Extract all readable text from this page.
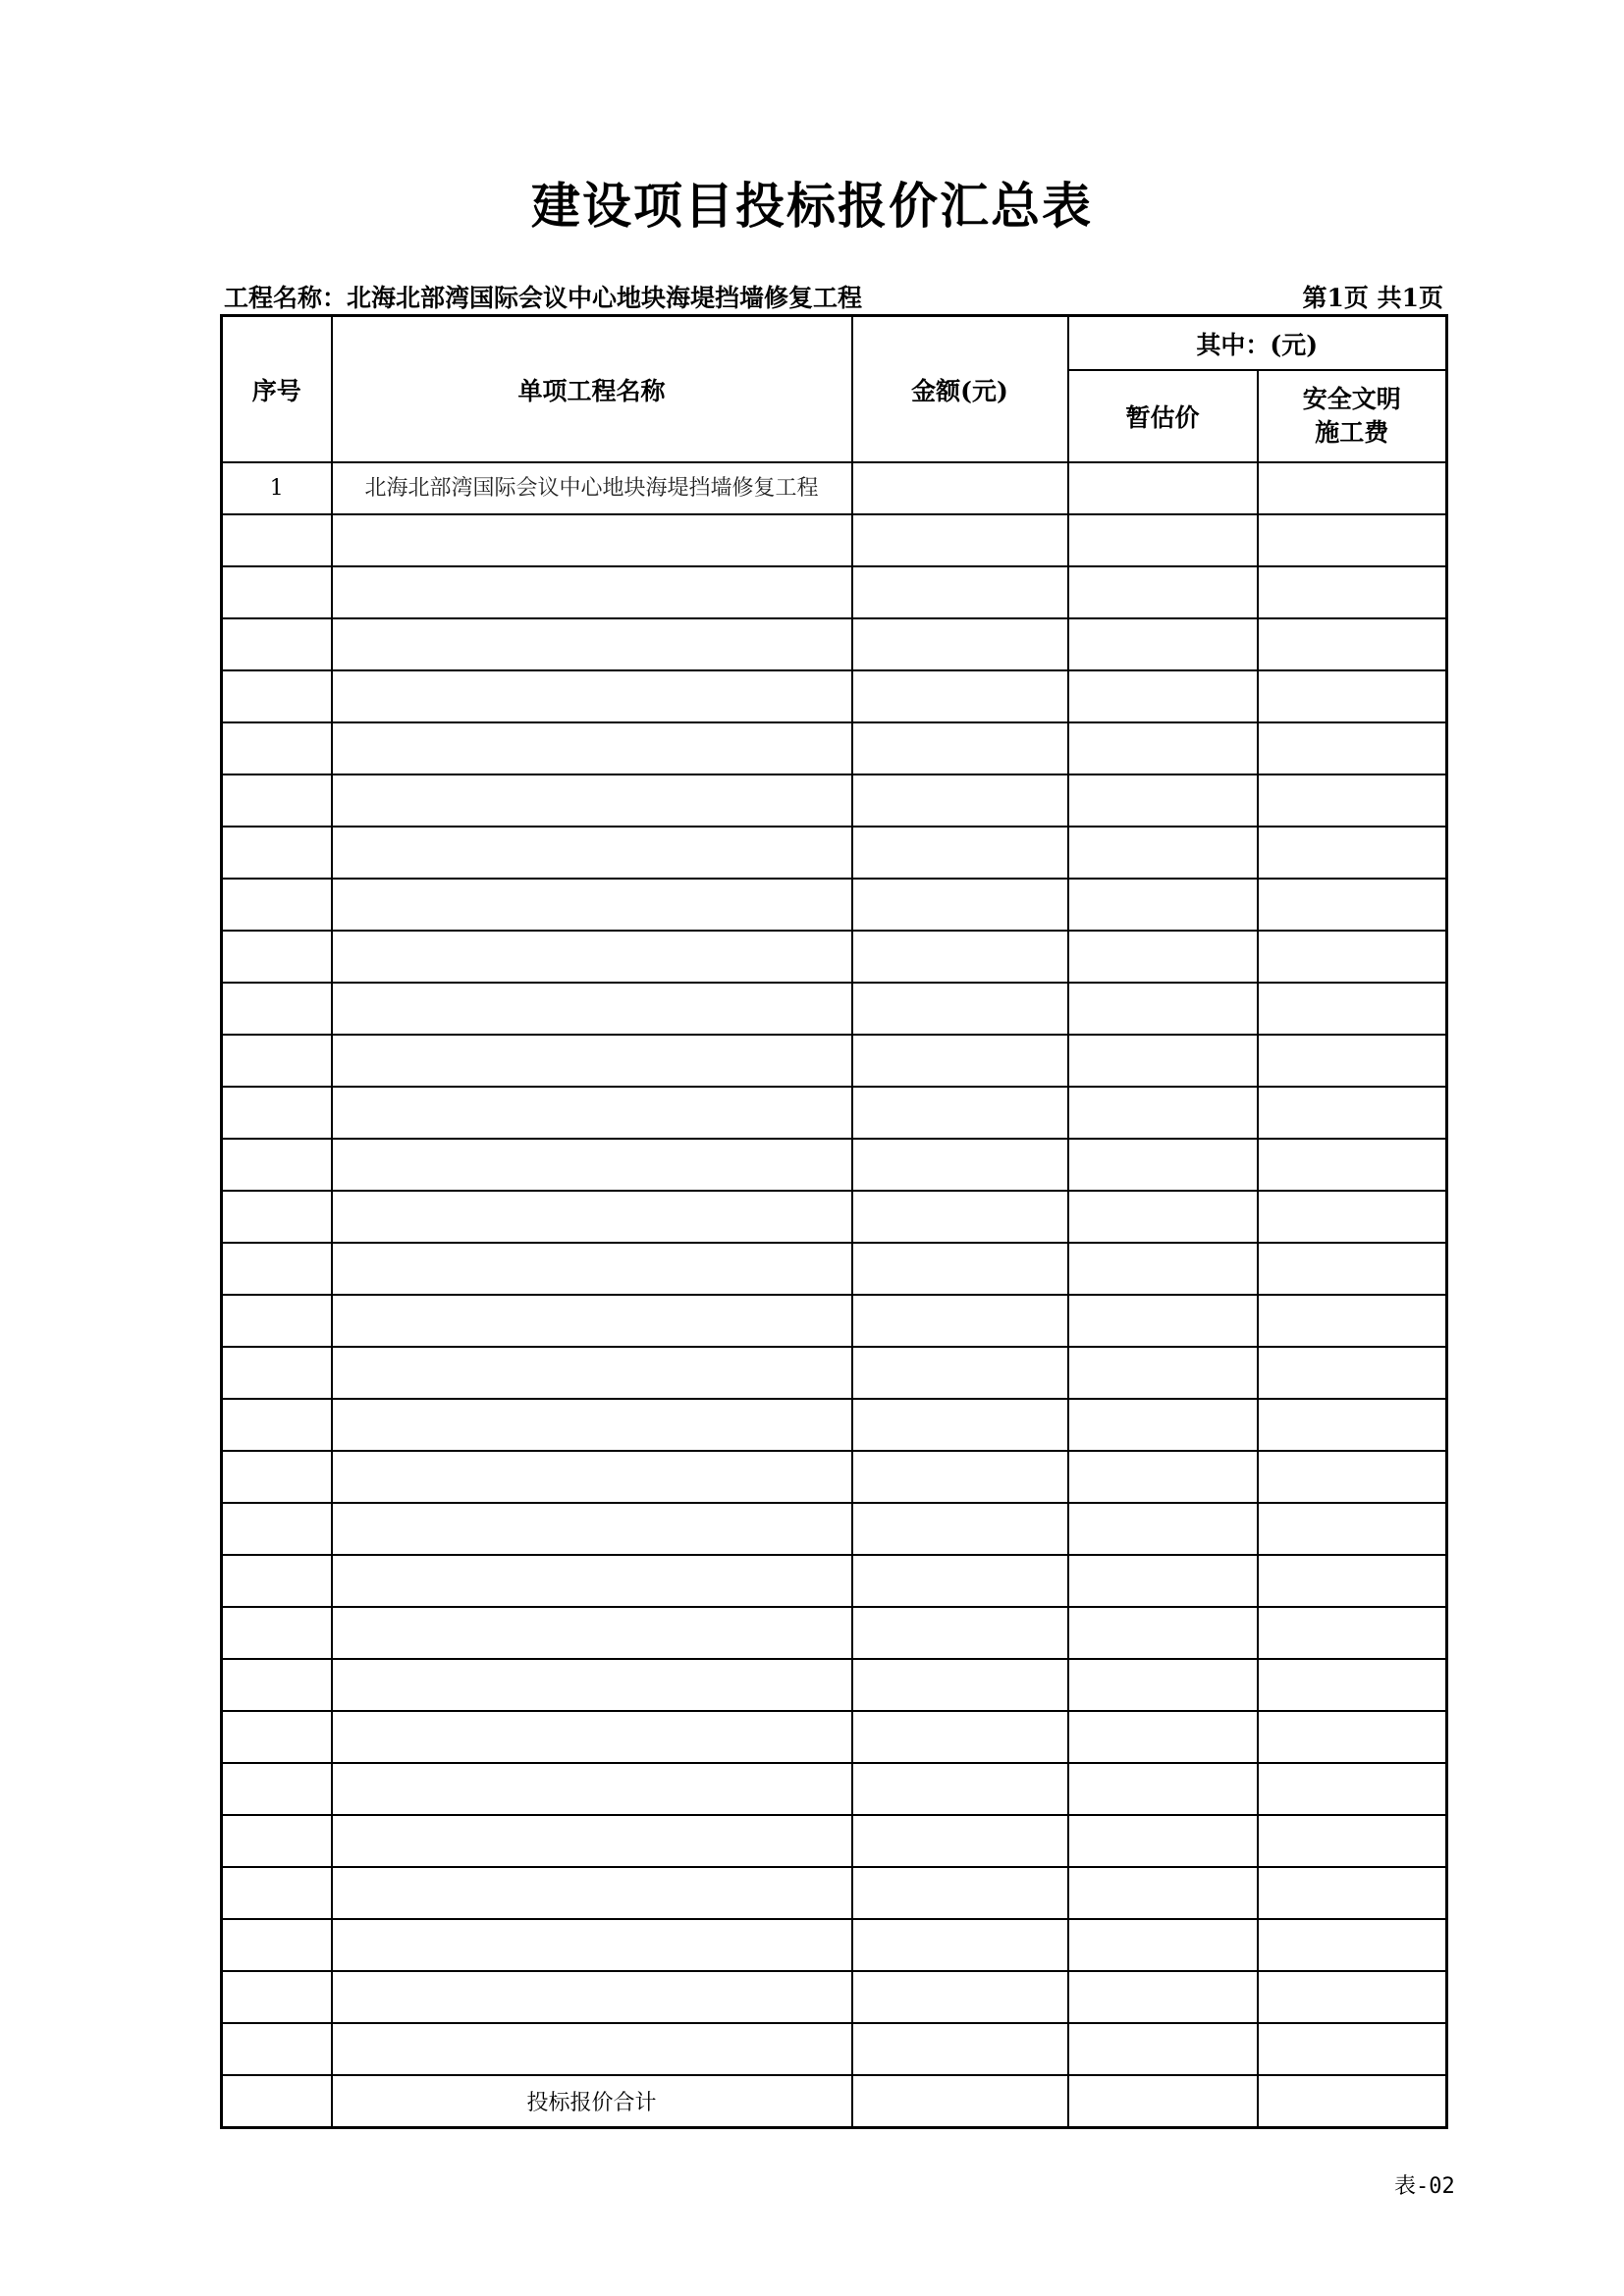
建设项目投标报价汇总表
工程名称：北海北部湾国际会议中心地块海堤挡墙修复工程	第1页 共1页
序号	单项工程名称	金额(元)	其中：(元)	
			暂估价	安全文明施工费
1	北海北部湾国际会议中心地块海堤挡墙修复工程			

	投标报价合计			
表-02
